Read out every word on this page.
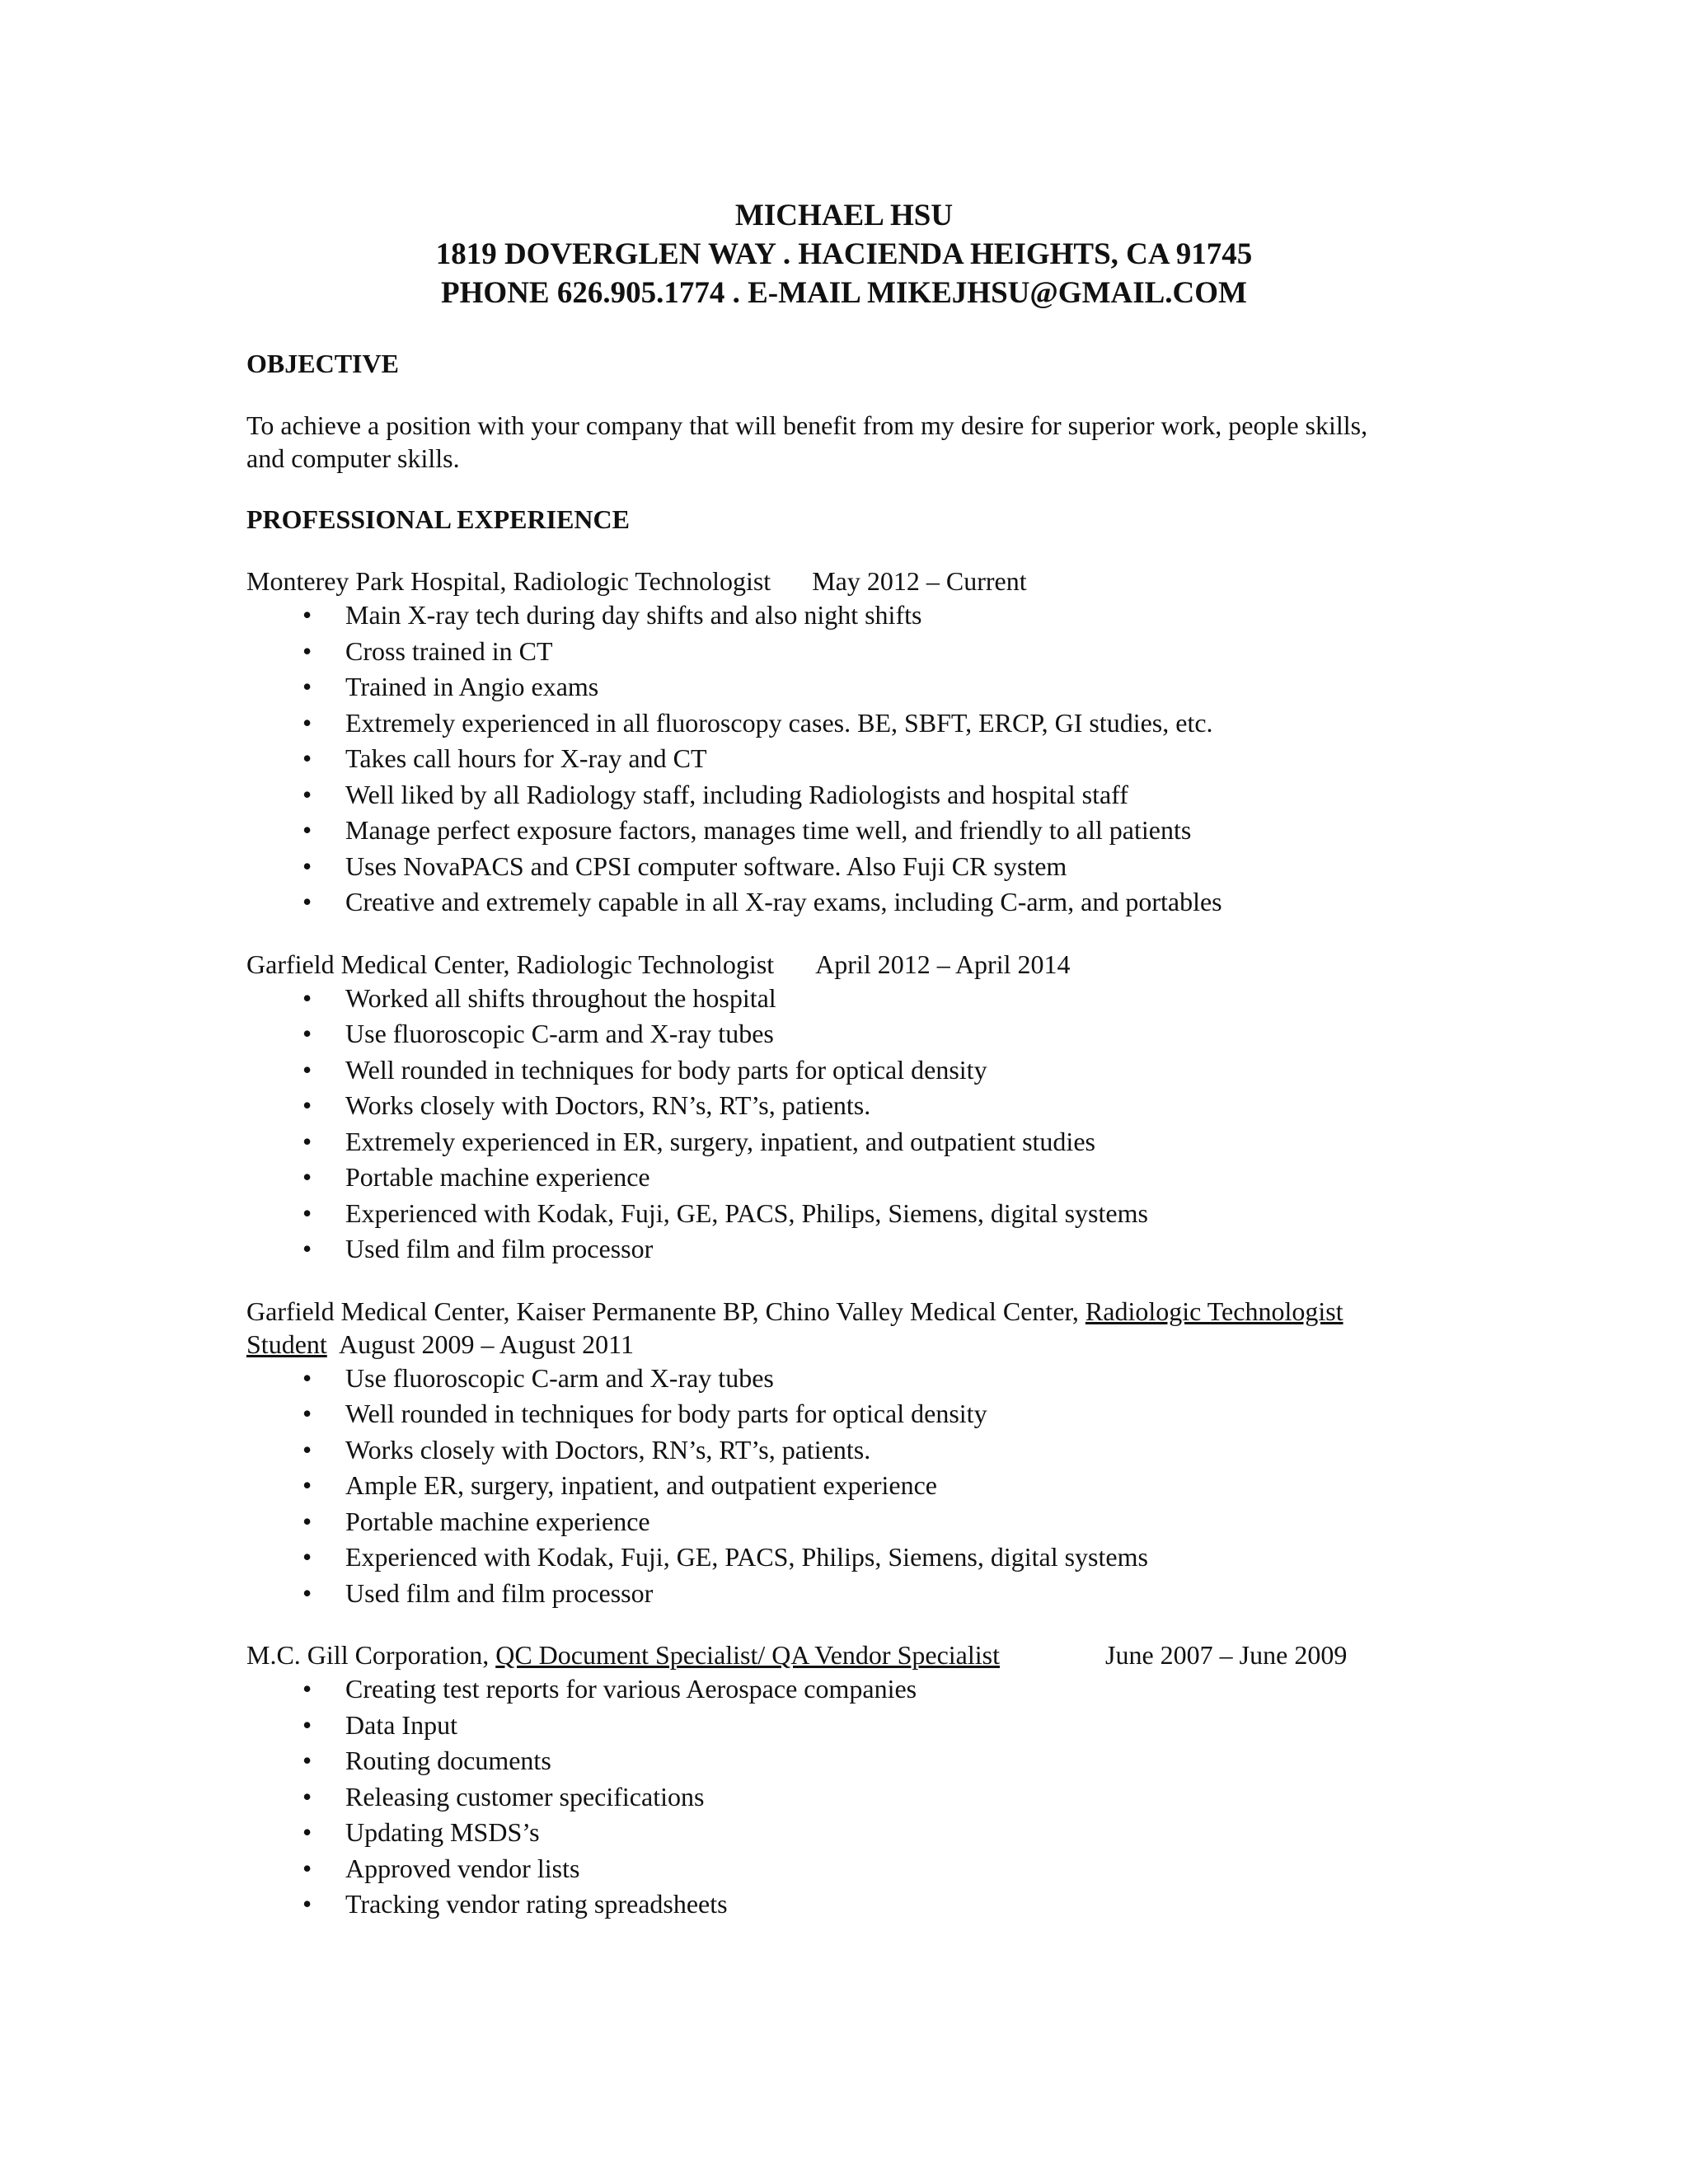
MICHAEL HSU
1819 DOVERGLEN WAY . HACIENDA HEIGHTS, CA 91745
PHONE 626.905.1774 . E-MAIL MIKEJHSU@GMAIL.COM
OBJECTIVE
To achieve a position with your company that will benefit from my desire for superior work, people skills,
and computer skills.
PROFESSIONAL EXPERIENCE
Monterey Park Hospital, Radiologic Technologist May 2012 – Current
• Main X-ray tech during day shifts and also night shifts
• Cross trained in CT
• Trained in Angio exams
• Extremely experienced in all fluoroscopy cases. BE, SBFT, ERCP, GI studies, etc.
• Takes call hours for X-ray and CT
• Well liked by all Radiology staff, including Radiologists and hospital staff
• Manage perfect exposure factors, manages time well, and friendly to all patients
• Uses NovaPACS and CPSI computer software. Also Fuji CR system
• Creative and extremely capable in all X-ray exams, including C-arm, and portables
Garfield Medical Center, Radiologic Technologist April 2012 – April 2014
• Worked all shifts throughout the hospital
• Use fluoroscopic C-arm and X-ray tubes
• Well rounded in techniques for body parts for optical density
• Works closely with Doctors, RN’s, RT’s, patients.
• Extremely experienced in ER, surgery, inpatient, and outpatient studies
• Portable machine experience
• Experienced with Kodak, Fuji, GE, PACS, Philips, Siemens, digital systems
• Used film and film processor
Garfield Medical Center, Kaiser Permanente BP, Chino Valley Medical Center, Radiologic Technologist
Student August 2009 – August 2011
• Use fluoroscopic C-arm and X-ray tubes
• Well rounded in techniques for body parts for optical density
• Works closely with Doctors, RN’s, RT’s, patients.
• Ample ER, surgery, inpatient, and outpatient experience
• Portable machine experience
• Experienced with Kodak, Fuji, GE, PACS, Philips, Siemens, digital systems
• Used film and film processor
M.C. Gill Corporation, QC Document Specialist/ QA Vendor Specialist	June 2007 – June 2009
• Creating test reports for various Aerospace companies
• Data Input
• Routing documents
• Releasing customer specifications
• Updating MSDS’s
• Approved vendor lists
• Tracking vendor rating spreadsheets
